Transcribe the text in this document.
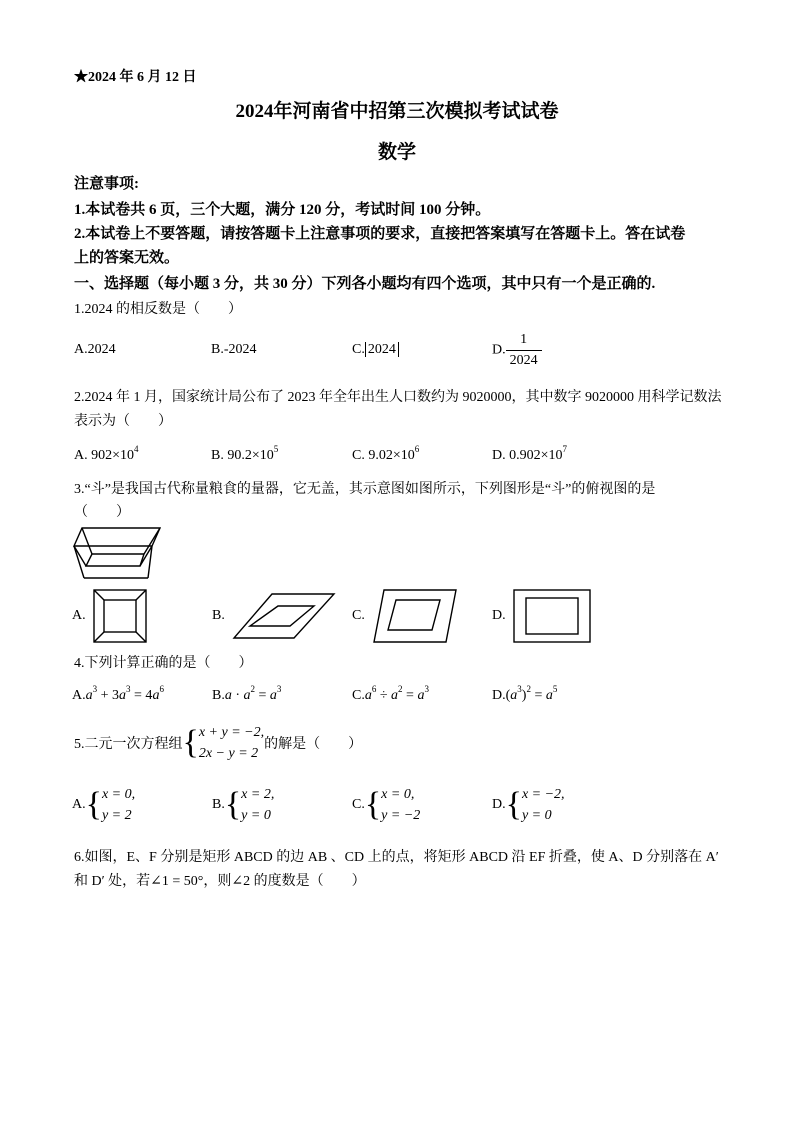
★2024 年 6 月 12 日
2024年河南省中招第三次模拟考试试卷
数学
注意事项:
1.本试卷共 6 页，三个大题，满分 120 分，考试时间 100 分钟。
2.本试卷上不要答题，请按答题卡上注意事项的要求，直接把答案填写在答题卡上。答在试卷
上的答案无效。
一、选择题（每小题 3 分，共 30 分）下列各小题均有四个选项，其中只有一个是正确的.
1.2024 的相反数是（　　）
A.2024	B.-2024	C. 2024	D. $\frac{1}{2024}$
2.2024 年 1 月，国家统计局公布了 2023 年全年出生人口数约为 9020000，其中数字 9020000 用科学记数法
表示为（　　）
A. $902\times 10^4$	B. $90.2\times 10^5$	C. $9.02\times 10^6$	D. $0.902\times 10^7$
3.“斗”是我国古代称量粮食的量器，它无盖，其示意图如图所示，下列图形是“斗”的俯视图的是
（　　）
A.	B.	C.	D.
4.下列计算正确的是（　　）
$A.a^3 + 3a^3 = 4a^6$	$B.a \cdot a^2 = a^3$	$C.a^6 \div a^2 = a^3$	$D.(a^3)^2 = a^5$
5.二元一次方程组{ x + y = −2,
2x − y = 2
的解是（　　）
A.{ x = 0,
y = 2
B.{ x = 2,
y = 0
C.{ x = 0,
y = −2
D.{ x = −2,
y = 0
6.如图，E、F 分别是矩形 ABCD 的边 AB 、CD 上的点，将矩形 ABCD 沿 EF 折叠，使 A、D 分别落在 A′
和 D′ 处，若∠1 = 50°，则∠2 的度数是（　　）
